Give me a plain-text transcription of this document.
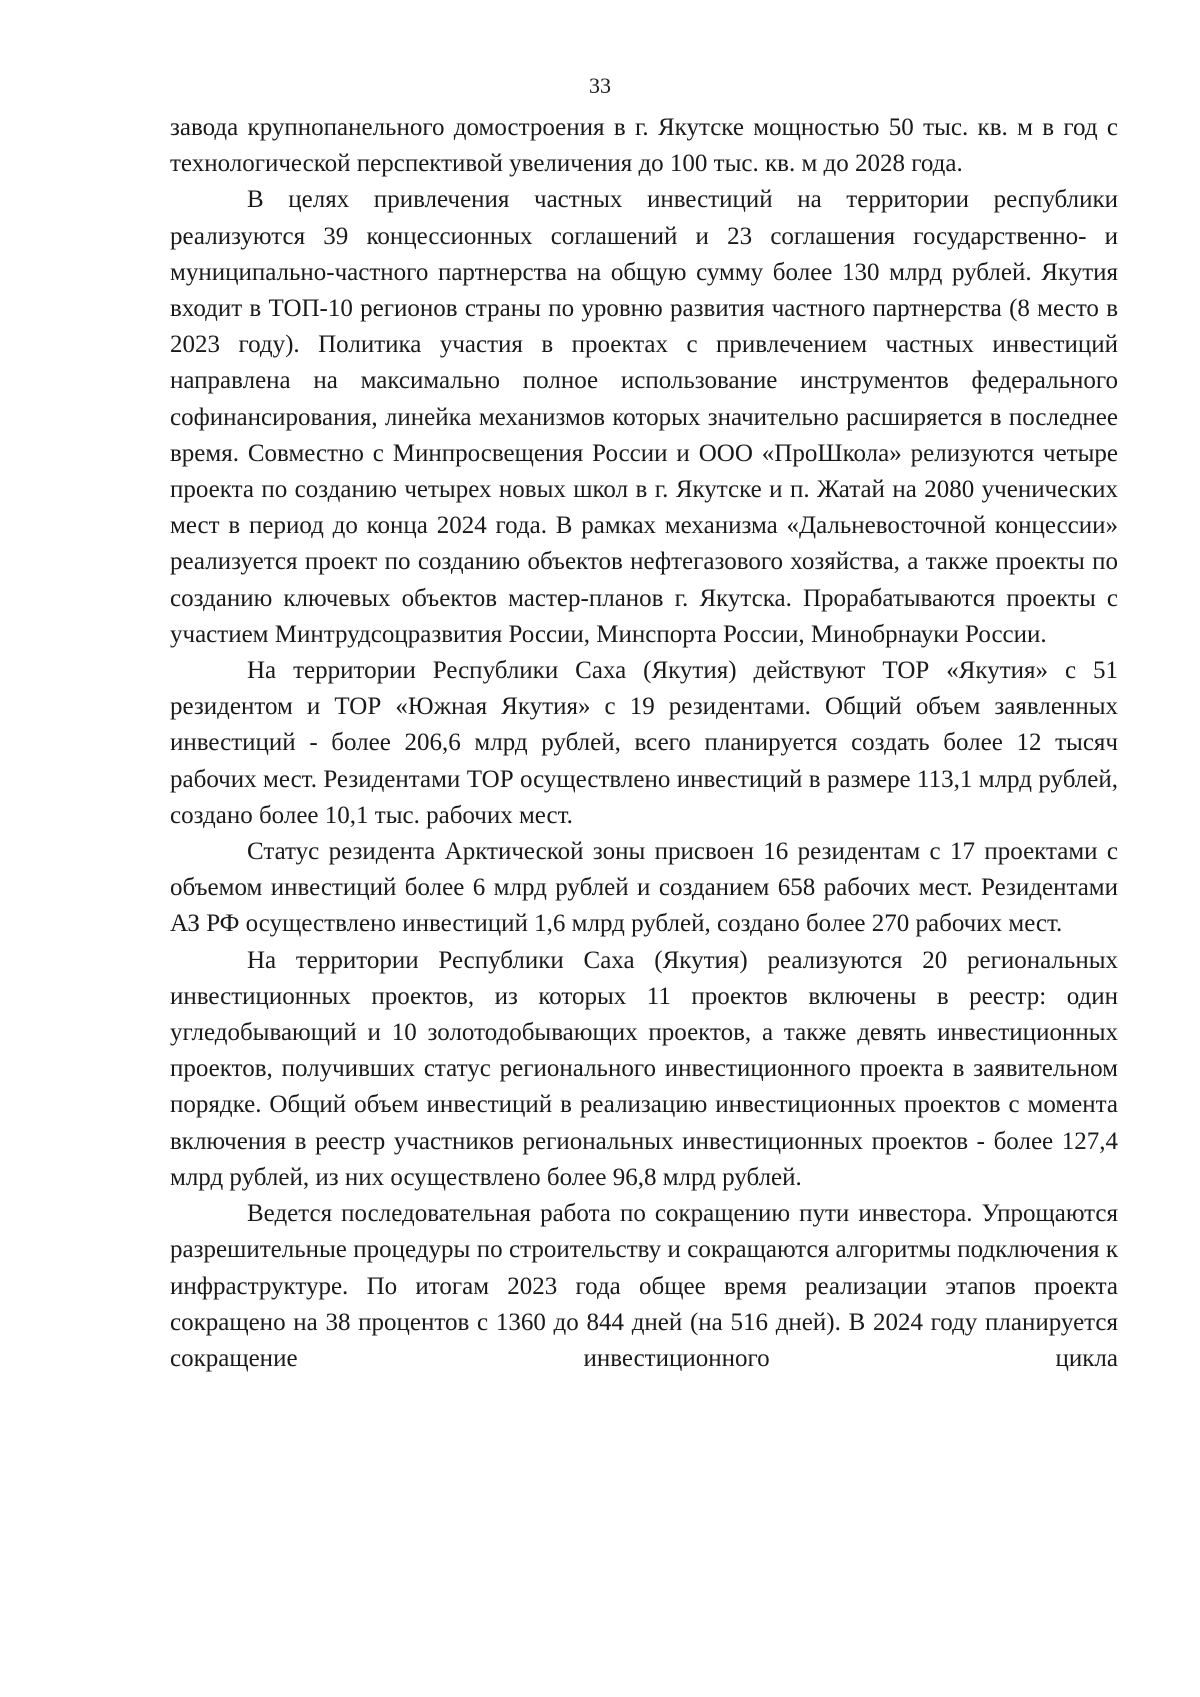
33

завода крупнопанельного домостроения в г. Якутске мощностью 50 тыс. кв. м в год с технологической перспективой увеличения до 100 тыс. кв. м до 2028 года.

В целях привлечения частных инвестиций на территории республики реализуются 39 концессионных соглашений и 23 соглашения государственно- и муниципально-частного партнерства на общую сумму более 130 млрд рублей. Якутия входит в ТОП-10 регионов страны по уровню развития частного партнерства (8 место в 2023 году). Политика участия в проектах с привлечением частных инвестиций направлена на максимально полное использование инструментов федерального софинансирования, линейка механизмов которых значительно расширяется в последнее время. Совместно с Минпросвещения России и ООО «ПроШкола» релизуются четыре проекта по созданию четырех новых школ в г. Якутске и п. Жатай на 2080 ученических мест в период до конца 2024 года. В рамках механизма «Дальневосточной концессии» реализуется проект по созданию объектов нефтегазового хозяйства, а также проекты по созданию ключевых объектов мастер-планов г. Якутска. Прорабатываются проекты с участием Минтрудсоцразвития России, Минспорта России, Минобрнауки России.

На территории Республики Саха (Якутия) действуют ТОР «Якутия» с 51 резидентом и ТОР «Южная Якутия» с 19 резидентами. Общий объем заявленных инвестиций - более 206,6 млрд рублей, всего планируется создать более 12 тысяч рабочих мест. Резидентами ТОР осуществлено инвестиций в размере 113,1 млрд рублей, создано более 10,1 тыс. рабочих мест.

Статус резидента Арктической зоны присвоен 16 резидентам с 17 проектами с объемом инвестиций более 6 млрд рублей и созданием 658 рабочих мест. Резидентами АЗ РФ осуществлено инвестиций 1,6 млрд рублей, создано более 270 рабочих мест.

На территории Республики Саха (Якутия) реализуются 20 региональных инвестиционных проектов, из которых 11 проектов включены в реестр: один угледобывающий и 10 золотодобывающих проектов, а также девять инвестиционных проектов, получивших статус регионального инвестиционного проекта в заявительном порядке. Общий объем инвестиций в реализацию инвестиционных проектов с момента включения в реестр участников региональных инвестиционных проектов - более 127,4 млрд рублей, из них осуществлено более 96,8 млрд рублей.

Ведется последовательная работа по сокращению пути инвестора. Упрощаются разрешительные процедуры по строительству и сокращаются алгоритмы подключения к инфраструктуре. По итогам 2023 года общее время реализации этапов проекта сокращено на 38 процентов с 1360 до 844 дней (на 516 дней). В 2024 году планируется сокращение инвестиционного цикла
